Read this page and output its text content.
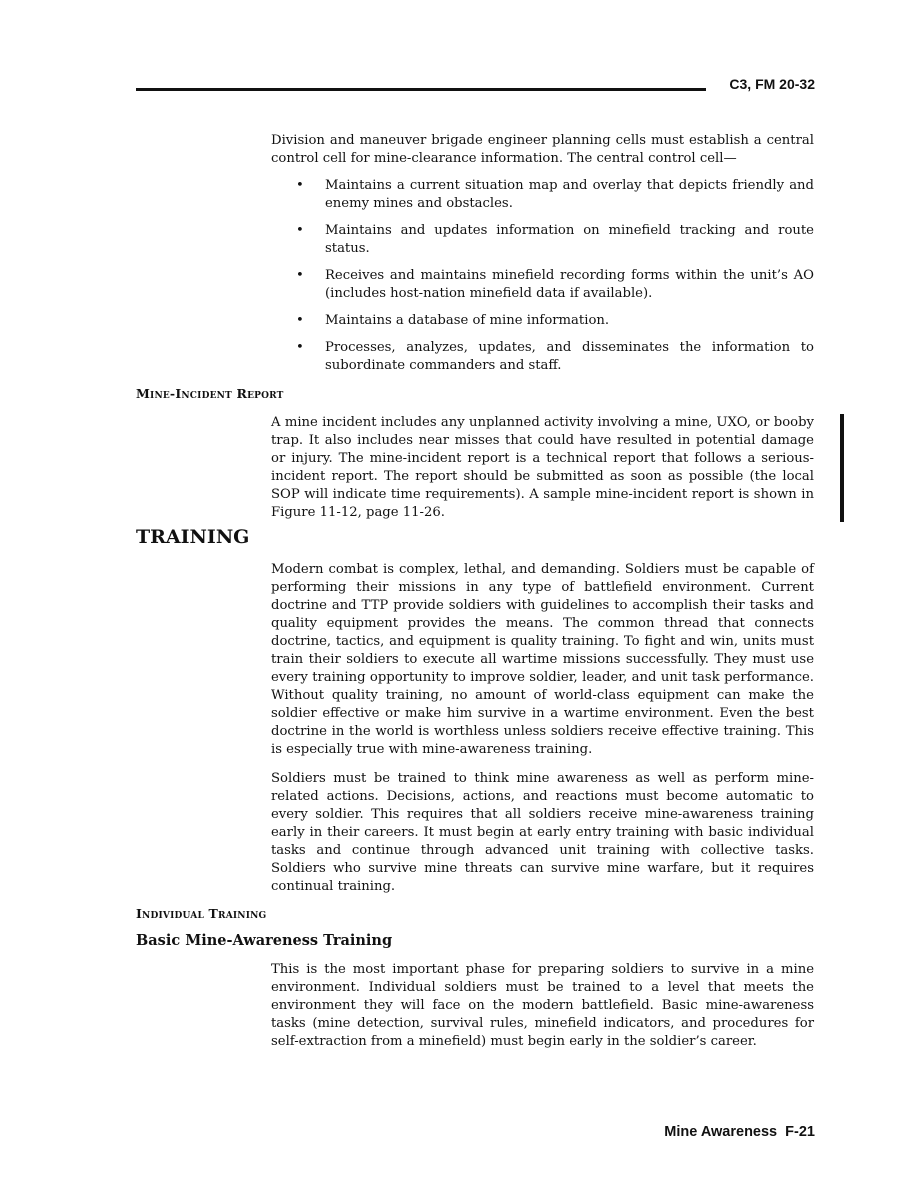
C3, FM 20-32

Division and maneuver brigade engineer planning cells must establish a central control cell for mine-clearance information. The central control cell—

• Maintains a current situation map and overlay that depicts friendly and enemy mines and obstacles.
• Maintains and updates information on minefield tracking and route status.
• Receives and maintains minefield recording forms within the unit’s AO (includes host-nation minefield data if available).
• Maintains a database of mine information.
• Processes, analyzes, updates, and disseminates the information to subordinate commanders and staff.
Mine-Incident Report

A mine incident includes any unplanned activity involving a mine, UXO, or booby trap. It also includes near misses that could have resulted in potential damage or injury. The mine-incident report is a technical report that follows a serious-incident report. The report should be submitted as soon as possible (the local SOP will indicate time requirements). A sample mine-incident report is shown in Figure 11-12, page 11-26.

TRAINING

Modern combat is complex, lethal, and demanding. Soldiers must be capable of performing their missions in any type of battlefield environment. Current doctrine and TTP provide soldiers with guidelines to accomplish their tasks and quality equipment provides the means. The common thread that connects doctrine, tactics, and equipment is quality training. To fight and win, units must train their soldiers to execute all wartime missions successfully. They must use every training opportunity to improve soldier, leader, and unit task performance. Without quality training, no amount of world-class equipment can make the soldier effective or make him survive in a wartime environment. Even the best doctrine in the world is worthless unless soldiers receive effective training. This is especially true with mine-awareness training.

Soldiers must be trained to think mine awareness as well as perform mine-related actions. Decisions, actions, and reactions must become automatic to every soldier. This requires that all soldiers receive mine-awareness training early in their careers. It must begin at early entry training with basic individual tasks and continue through advanced unit training with collective tasks. Soldiers who survive mine threats can survive mine warfare, but it requires continual training.

Individual Training
Basic Mine-Awareness Training

This is the most important phase for preparing soldiers to survive in a mine environment. Individual soldiers must be trained to a level that meets the environment they will face on the modern battlefield. Basic mine-awareness tasks (mine detection, survival rules, minefield indicators, and procedures for self-extraction from a minefield) must begin early in the soldier’s career.

Mine Awareness  F-21
